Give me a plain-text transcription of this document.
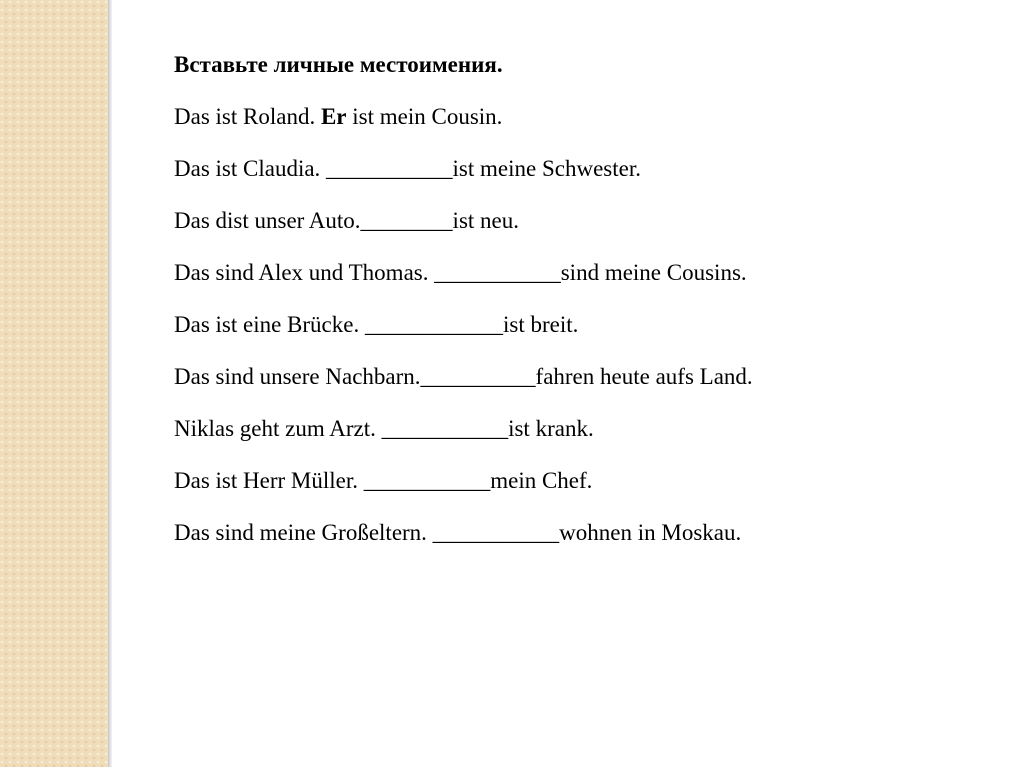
Вставьте личные местоимения.
Das ist Roland. Er ist mein Cousin.
Das ist Claudia. ___________ist meine Schwester.
Das dist unser Auto.________ist neu.
Das sind Alex und Thomas. ___________sind meine Cousins.
Das ist eine Brücke. ____________ist breit.
Das sind unsere Nachbarn.__________fahren heute aufs Land.
Niklas geht zum Arzt. ___________ist krank.
Das ist Herr Müller. ___________mein Chef.
Das sind meine Großeltern. ___________wohnen in Moskau.
